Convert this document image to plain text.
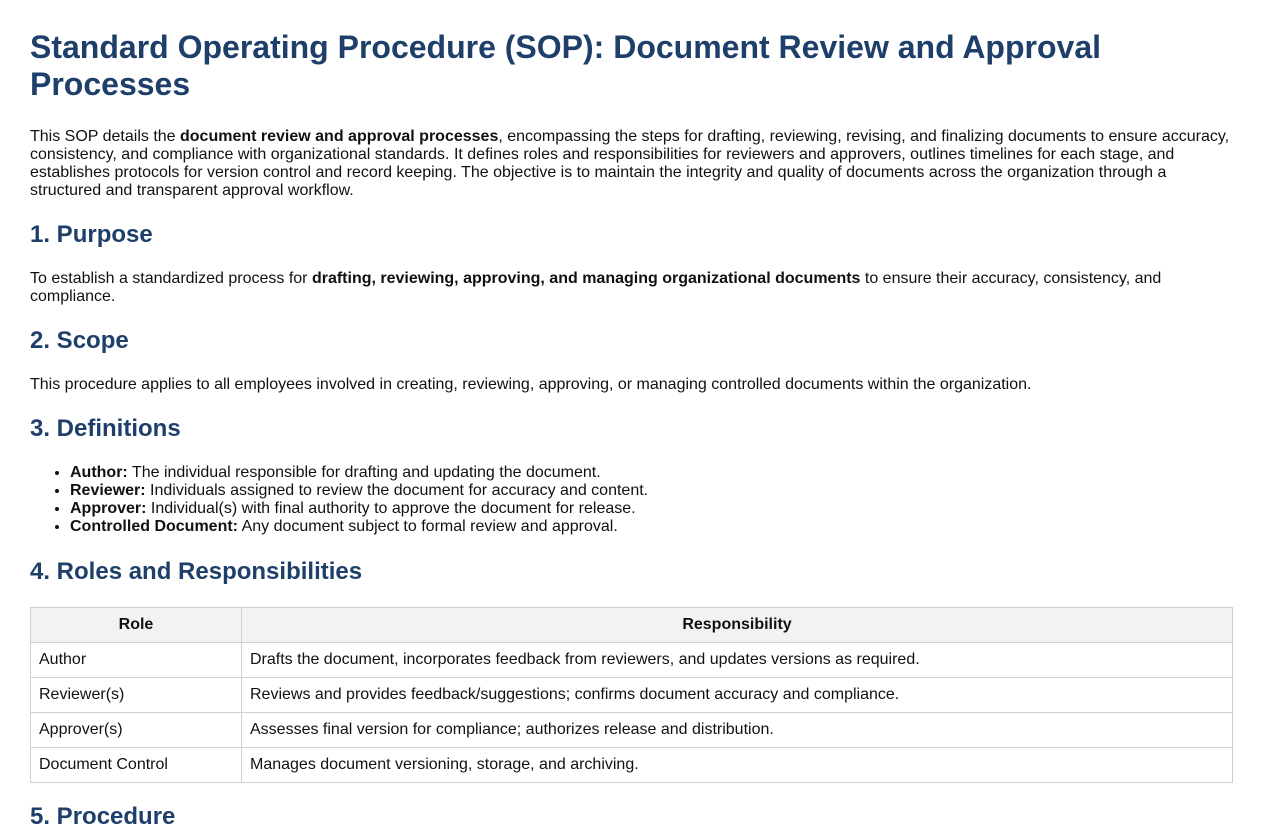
Standard Operating Procedure (SOP): Document Review and Approval Processes

This SOP details the document review and approval processes, encompassing the steps for drafting, reviewing, revising, and finalizing documents to ensure accuracy, consistency, and compliance with organizational standards. It defines roles and responsibilities for reviewers and approvers, outlines timelines for each stage, and establishes protocols for version control and record keeping. The objective is to maintain the integrity and quality of documents across the organization through a structured and transparent approval workflow.

1. Purpose

To establish a standardized process for drafting, reviewing, approving, and managing organizational documents to ensure their accuracy, consistency, and compliance.

2. Scope

This procedure applies to all employees involved in creating, reviewing, approving, or managing controlled documents within the organization.

3. Definitions
• Author: The individual responsible for drafting and updating the document.
• Reviewer: Individuals assigned to review the document for accuracy and content.
• Approver: Individual(s) with final authority to approve the document for release.
• Controlled Document: Any document subject to formal review and approval.
4. Roles and Responsibilities
Role	Responsibility
Author	Drafts the document, incorporates feedback from reviewers, and updates versions as required.
Reviewer(s)	Reviews and provides feedback/suggestions; confirms document accuracy and compliance.
Approver(s)	Assesses final version for compliance; authorizes release and distribution.
Document Control	Manages document versioning, storage, and archiving.
5. Procedure
